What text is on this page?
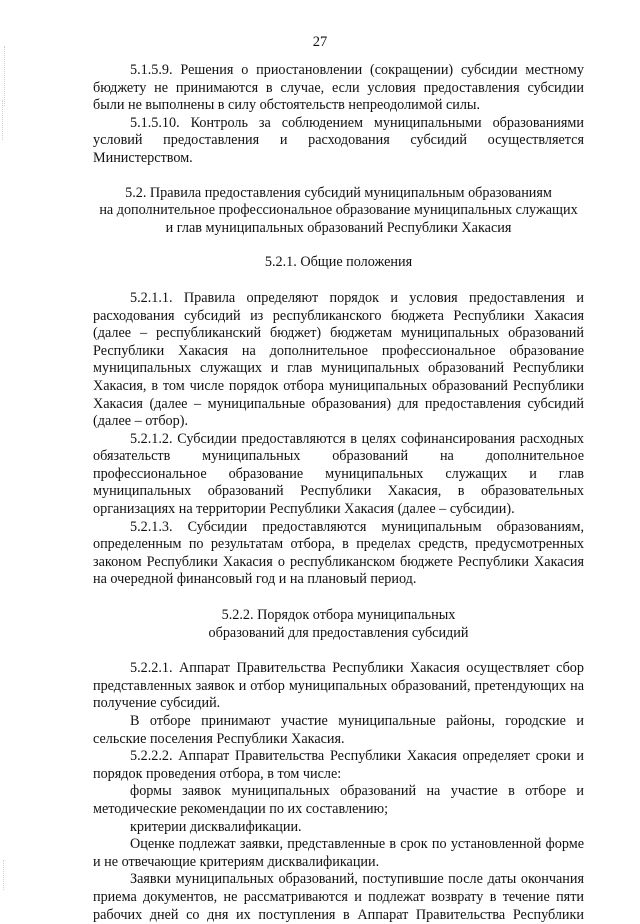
27

5.1.5.9. Решения о приостановлении (сокращении) субсидии местному бюджету не принимаются в случае, если условия предоставления субсидии были не выполнены в силу обстоятельств непреодолимой силы.

5.1.5.10. Контроль за соблюдением муниципальными образованиями условий предоставления и расходования субсидий осуществляется Министерством.

5.2. Правила предоставления субсидий муниципальным образованиям
на дополнительное профессиональное образование муниципальных служащих
и глав муниципальных образований Республики Хакасия
5.2.1. Общие положения

5.2.1.1. Правила определяют порядок и условия предоставления и расходования субсидий из республиканского бюджета Республики Хакасия (далее – республиканский бюджет) бюджетам муниципальных образований Республики Хакасия на дополнительное профессиональное образование муниципальных служащих и глав муниципальных образований Республики Хакасия, в том числе порядок отбора муниципальных образований Республики Хакасия (далее – муниципальные образования) для предоставления субсидий (далее – отбор).

5.2.1.2. Субсидии предоставляются в целях софинансирования расходных обязательств муниципальных образований на дополнительное профессиональное образование муниципальных служащих и глав муниципальных образований Республики Хакасия, в образовательных организациях на территории Республики Хакасия (далее – субсидии).

5.2.1.3. Субсидии предоставляются муниципальным образованиям, определенным по результатам отбора, в пределах средств, предусмотренных законом Республики Хакасия о республиканском бюджете Республики Хакасия на очередной финансовый год и на плановый период.

5.2.2. Порядок отбора муниципальных
образований для предоставления субсидий

5.2.2.1. Аппарат Правительства Республики Хакасия осуществляет сбор представленных заявок и отбор муниципальных образований, претендующих на получение субсидий.

В отборе принимают участие муниципальные районы, городские и сельские поселения Республики Хакасия.

5.2.2.2. Аппарат Правительства Республики Хакасия определяет сроки и порядок проведения отбора, в том числе:

формы заявок муниципальных образований на участие в отборе и методические рекомендации по их составлению;

критерии дисквалификации.

Оценке подлежат заявки, представленные в срок по установленной форме и не отвечающие критериям дисквалификации.

Заявки муниципальных образований, поступившие после даты окончания приема документов, не рассматриваются и подлежат возврату в течение пяти рабочих дней со дня их поступления в Аппарат Правительства Республики
